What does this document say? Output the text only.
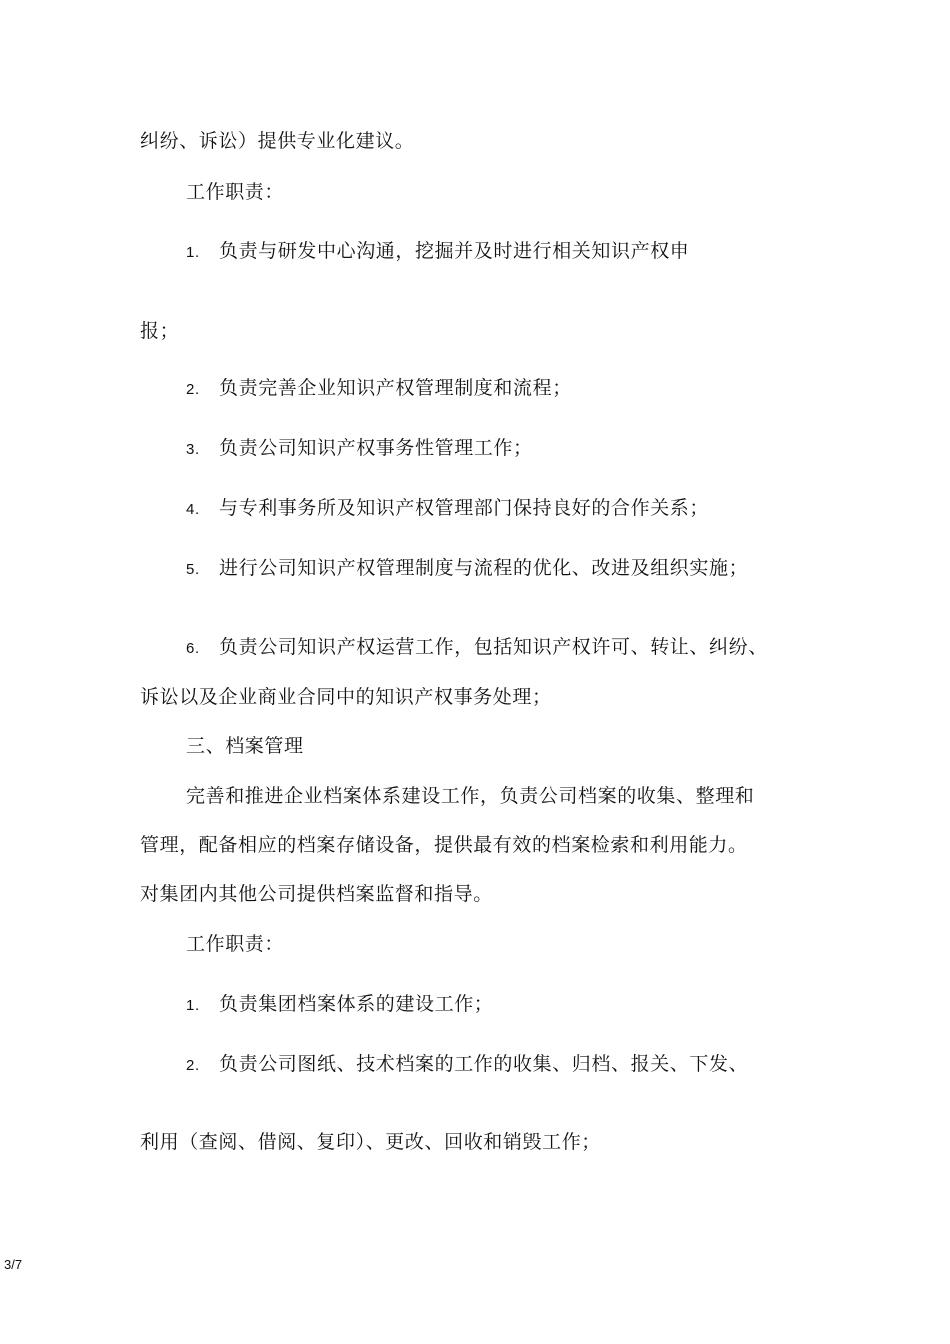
纠纷、诉讼）提供专业化建议。
工作职责：
1. 负责与研发中心沟通，挖掘并及时进行相关知识产权申
报；
2. 负责完善企业知识产权管理制度和流程；
3. 负责公司知识产权事务性管理工作；
4. 与专利事务所及知识产权管理部门保持良好的合作关系；
5. 进行公司知识产权管理制度与流程的优化、改进及组织实施；
6. 负责公司知识产权运营工作，包括知识产权许可、转让、纠纷、
诉讼以及企业商业合同中的知识产权事务处理；
三、档案管理
完善和推进企业档案体系建设工作，负责公司档案的收集、整理和
管理，配备相应的档案存储设备，提供最有效的档案检索和利用能力。
对集团内其他公司提供档案监督和指导。
工作职责：
1. 负责集团档案体系的建设工作；
2. 负责公司图纸、技术档案的工作的收集、归档、报关、下发、
利用（查阅、借阅、复印）、更改、回收和销毁工作；
3/7
